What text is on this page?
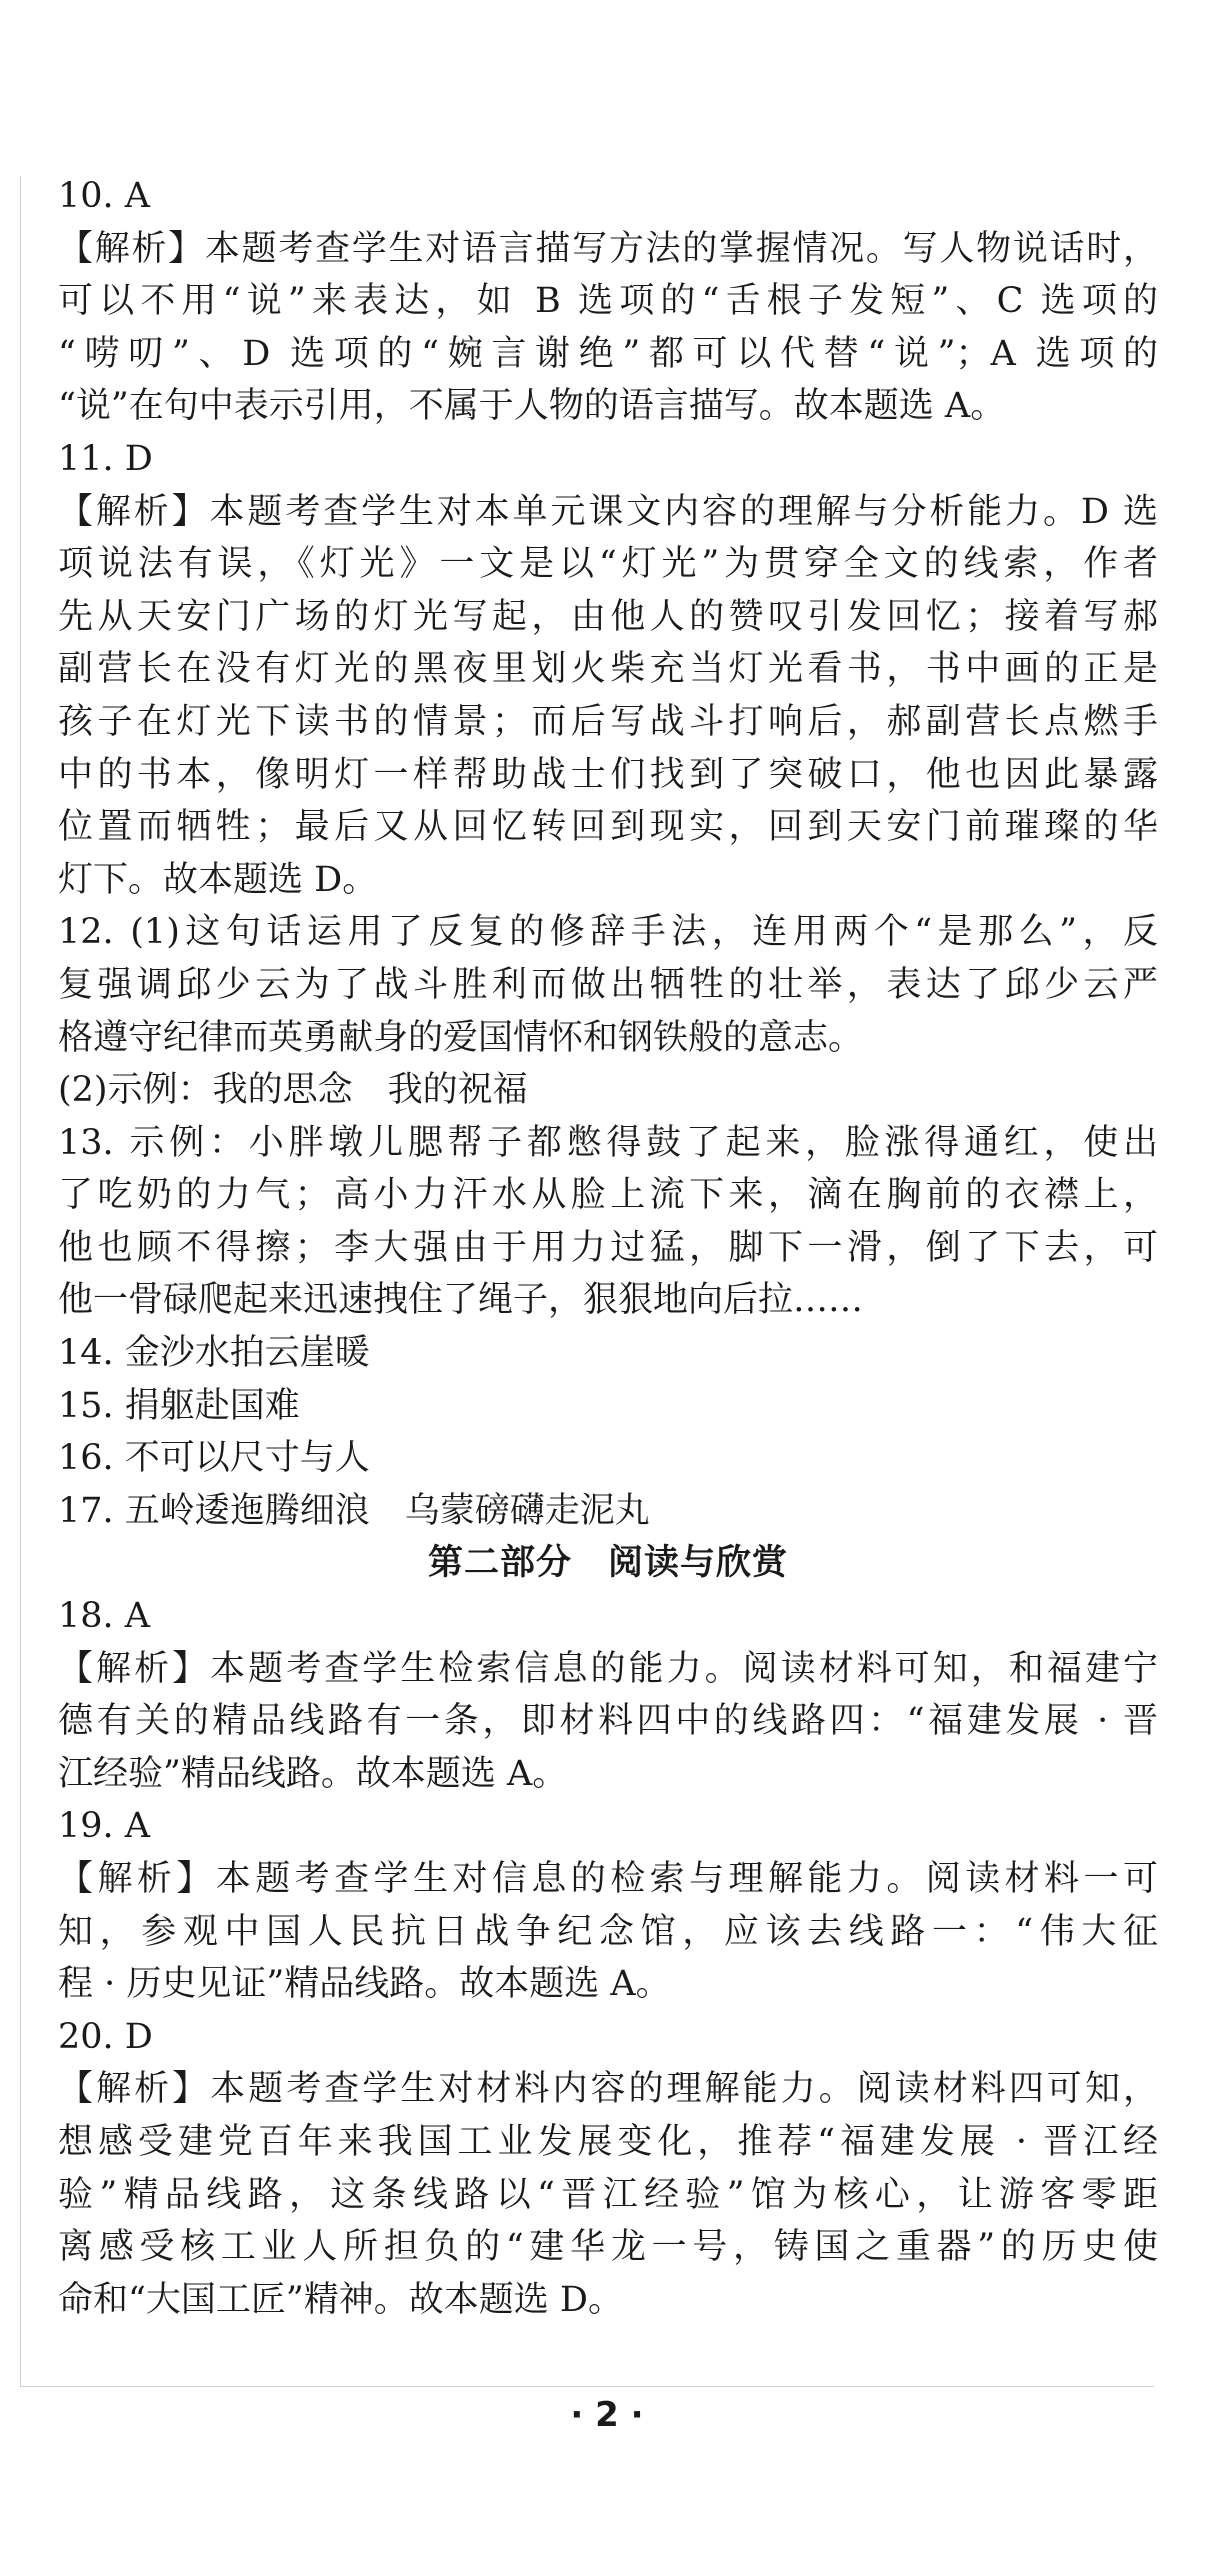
10. A
【解析】本题考查学生对语言描写方法的掌握情况。写人物说话时，
可以不用“说”来表达，如 B 选项的“舌根子发短”、C 选项的
“唠叨”、D 选项的“婉言谢绝”都可以代替“说”；A 选项的
“说”在句中表示引用，不属于人物的语言描写。故本题选 A。
11. D
【解析】本题考查学生对本单元课文内容的理解与分析能力。D 选
项说法有误，《灯光》一文是以“灯光”为贯穿全文的线索，作者
先从天安门广场的灯光写起，由他人的赞叹引发回忆；接着写郝
副营长在没有灯光的黑夜里划火柴充当灯光看书，书中画的正是
孩子在灯光下读书的情景；而后写战斗打响后，郝副营长点燃手
中的书本，像明灯一样帮助战士们找到了突破口，他也因此暴露
位置而牺牲；最后又从回忆转回到现实，回到天安门前璀璨的华
灯下。故本题选 D。
12. (1)这句话运用了反复的修辞手法，连用两个“是那么”，反
复强调邱少云为了战斗胜利而做出牺牲的壮举，表达了邱少云严
格遵守纪律而英勇献身的爱国情怀和钢铁般的意志。
(2)示例：我的思念　我的祝福
13. 示例：小胖墩儿腮帮子都憋得鼓了起来，脸涨得通红，使出
了吃奶的力气；高小力汗水从脸上流下来，滴在胸前的衣襟上，
他也顾不得擦；李大强由于用力过猛，脚下一滑，倒了下去，可
他一骨碌爬起来迅速拽住了绳子，狠狠地向后拉……
14. 金沙水拍云崖暖
15. 捐躯赴国难
16. 不可以尺寸与人
17. 五岭逶迤腾细浪　乌蒙磅礴走泥丸
第二部分　阅读与欣赏
18. A
【解析】本题考查学生检索信息的能力。阅读材料可知，和福建宁
德有关的精品线路有一条，即材料四中的线路四：“福建发展 · 晋
江经验”精品线路。故本题选 A。
19. A
【解析】本题考查学生对信息的检索与理解能力。阅读材料一可
知，参观中国人民抗日战争纪念馆，应该去线路一：“伟大征
程 · 历史见证”精品线路。故本题选 A。
20. D
【解析】本题考查学生对材料内容的理解能力。阅读材料四可知，
想感受建党百年来我国工业发展变化，推荐“福建发展 · 晋江经
验”精品线路，这条线路以“晋江经验”馆为核心，让游客零距
离感受核工业人所担负的“建华龙一号，铸国之重器”的历史使
命和“大国工匠”精神。故本题选 D。
· 2 ·
